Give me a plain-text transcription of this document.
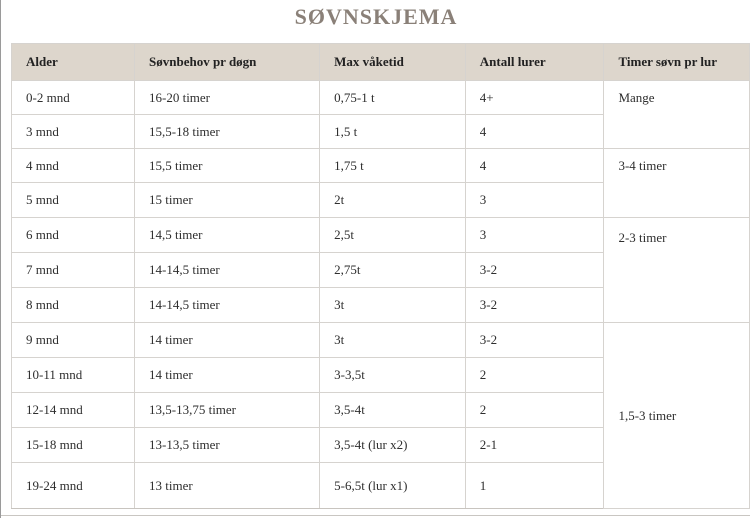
SØVNSKJEMA
Alder	Søvnbehov pr døgn	Max våketid	Antall lurer	Timer søvn pr lur
0-2 mnd	16-20 timer	0,75-1 t	4+	Mange
3 mnd	15,5-18 timer	1,5 t	4	
4 mnd	15,5 timer	1,75 t	4	3-4 timer
5 mnd	15 timer	2t	3	
6 mnd	14,5 timer	2,5t	3	2-3 timer
7 mnd	14-14,5 timer	2,75t	3-2	
8 mnd	14-14,5 timer	3t	3-2	
9 mnd	14 timer	3t	3-2	1,5-3 timer
10-11 mnd	14 timer	3-3,5t	2	
12-14 mnd	13,5-13,75 timer	3,5-4t	2	
15-18 mnd	13-13,5 timer	3,5-4t (lur x2)	2-1	
19-24 mnd	13 timer	5-6,5t (lur x1)	1	
